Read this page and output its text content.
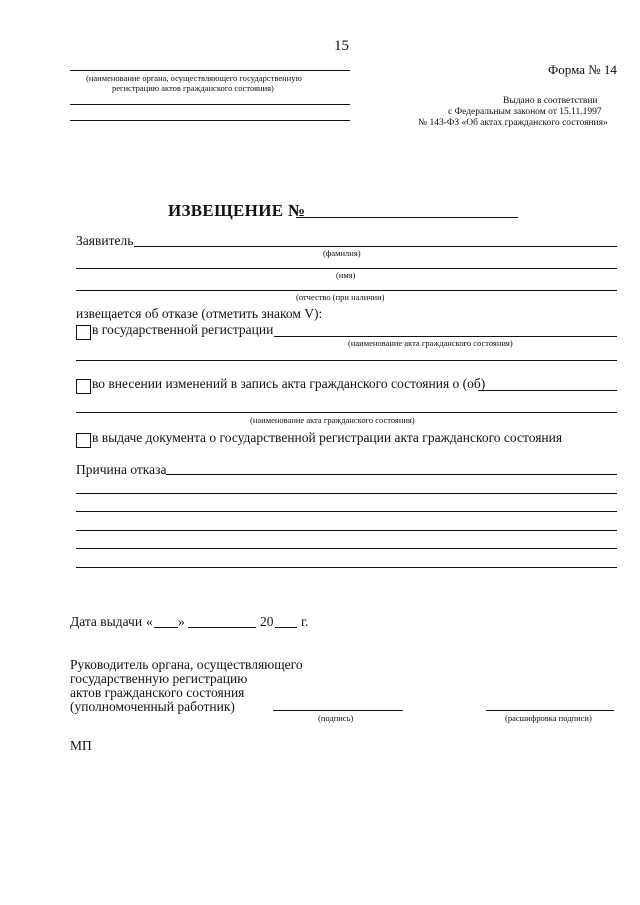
15
(наименование органа, осуществляющего государственную
регистрацию актов гражданского состояния)
Форма № 14
Выдано в соответствии
с Федеральным законом от 15.11.1997
№ 143-ФЗ «Об актах гражданского состояния»
ИЗВЕЩЕНИЕ №
Заявитель
(фамилия)
(имя)
(отчество (при наличии)
извещается об отказе (отметить знаком V):
в государственной регистрации
(наименование акта гражданского состояния)
во внесении изменений в запись акта гражданского состояния о (об)
(наименование акта гражданского состояния)
в выдаче документа о государственной регистрации акта гражданского состояния
Причина отказа
Дата выдачи « »	20 г.
Руководитель органа, осуществляющего
государственную регистрацию
актов гражданского состояния
(уполномоченный работник)
(подпись)	(расшифровка подписи)
МП
